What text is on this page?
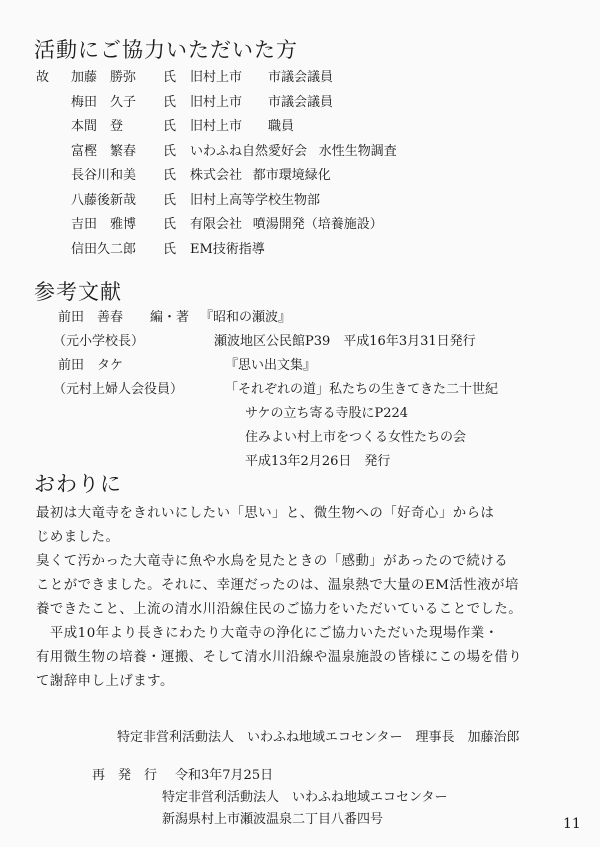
活動にご協力いただいた方
故 加藤　勝弥 氏 旧村上市 市議会議員
梅田　久子 氏 旧村上市 市議会議員
本間　登	氏 旧村上市 職員
富樫　繁春 氏 いわふね自然愛好会 水性生物調査
長谷川和美 氏 株式会社 都市環境緑化
八藤後新哉 氏 旧村上高等学校生物部
吉田　雅博 氏 有限会社 噴湯開発（培養施設）
信田久二郎 氏 EM技術指導
参考文献
前田　善春 編・著 『昭和の瀬波』
（元小学校長）	瀬波地区公民館P39　平成16年3月31日発行
前田　タケ	『思い出文集』
（元村上婦人会役員）	「それぞれの道」私たちの生きてきた二十世紀
サケの立ち寄る寺股にP224
住みよい村上市をつくる女性たちの会
平成13年2月26日　発行
おわりに
最初は大竜寺をきれいにしたい「思い」と、微生物への「好奇心」からは
じめました。
臭くて汚かった大竜寺に魚や水鳥を見たときの「感動」があったので続ける
ことができました。それに、幸運だったのは、温泉熱で大量のEM活性液が培
養できたこと、上流の清水川沿線住民のご協力をいただいていることでした。
　平成10年より長きにわたり大竜寺の浄化にご協力いただいた現場作業・
有用微生物の培養・運搬、そして清水川沿線や温泉施設の皆様にこの場を借り
て謝辞申し上げます。
特定非営利活動法人　いわふね地域エコセンター　理事長　加藤治郎
再　発　行 令和3年7月25日
特定非営利活動法人　いわふね地域エコセンター
新潟県村上市瀬波温泉二丁目八番四号	11
